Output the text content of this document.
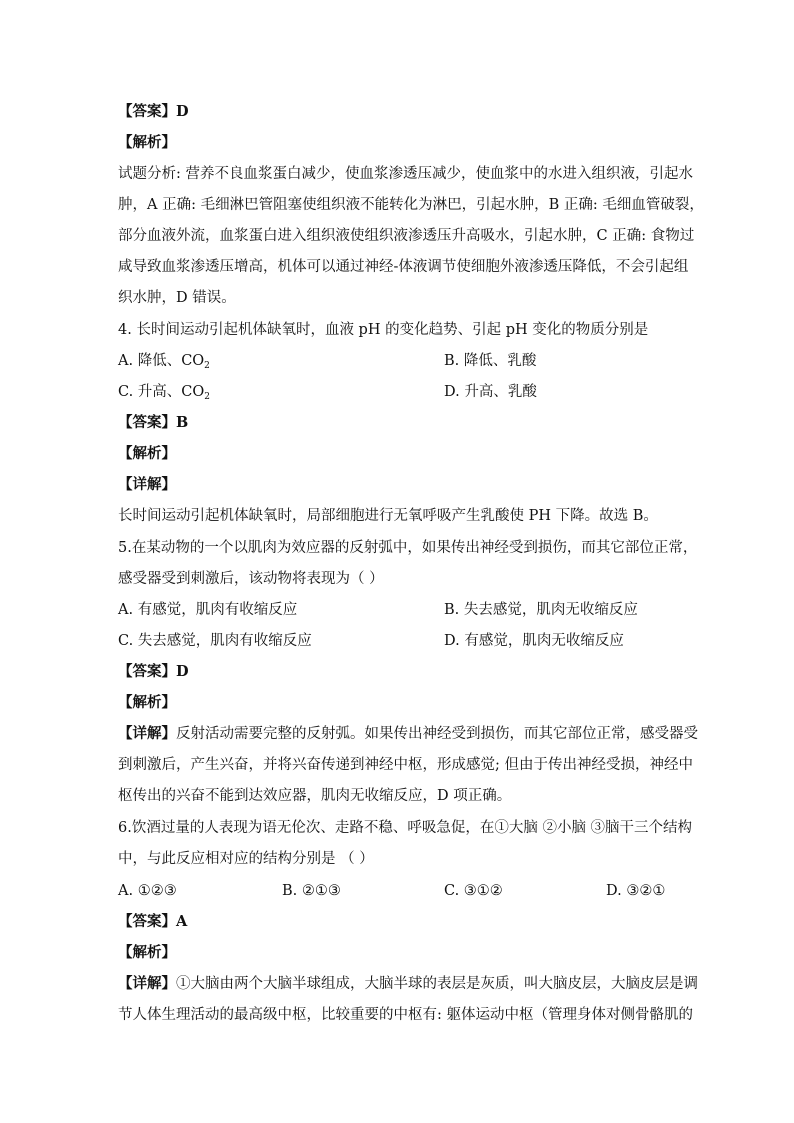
【答案】D
【解析】
试题分析: 营养不良血浆蛋白减少，使血浆渗透压减少，使血浆中的水进入组织液，引起水
肿，A 正确: 毛细淋巴管阻塞使组织液不能转化为淋巴，引起水肿，B 正确: 毛细血管破裂，
部分血液外流，血浆蛋白进入组织液使组织液渗透压升高吸水，引起水肿，C 正确: 食物过
咸导致血浆渗透压增高，机体可以通过神经-体液调节使细胞外液渗透压降低，不会引起组
织水肿，D 错误。
4. 长时间运动引起机体缺氧时，血液 pH 的变化趋势、引起 pH 变化的物质分别是
A. 降低、$CO_2$	B. 降低、乳酸
C. 升高、$CO_2$	D. 升高、乳酸
【答案】B
【解析】
【详解】
长时间运动引起机体缺氧时，局部细胞进行无氧呼吸产生乳酸使 PH 下降。故选 B。
5.在某动物的一个以肌肉为效应器的反射弧中，如果传出神经受到损伤，而其它部位正常，
感受器受到刺激后，该动物将表现为（ ）
A. 有感觉，肌肉有收缩反应	B. 失去感觉，肌肉无收缩反应
C. 失去感觉，肌肉有收缩反应	D. 有感觉，肌肉无收缩反应
【答案】D
【解析】
【详解】反射活动需要完整的反射弧。如果传出神经受到损伤，而其它部位正常，感受器受
到刺激后，产生兴奋，并将兴奋传递到神经中枢，形成感觉; 但由于传出神经受损，神经中
枢传出的兴奋不能到达效应器，肌肉无收缩反应，D 项正确。
6.饮酒过量的人表现为语无伦次、走路不稳、呼吸急促，在①大脑 ②小脑 ③脑干三个结构
中，与此反应相对应的结构分别是 （ ）
A. ①②③	B. ②①③	C. ③①②	D. ③②①
【答案】A
【解析】
【详解】①大脑由两个大脑半球组成，大脑半球的表层是灰质，叫大脑皮层，大脑皮层是调
节人体生理活动的最高级中枢，比较重要的中枢有: 躯体运动中枢（管理身体对侧骨骼肌的
